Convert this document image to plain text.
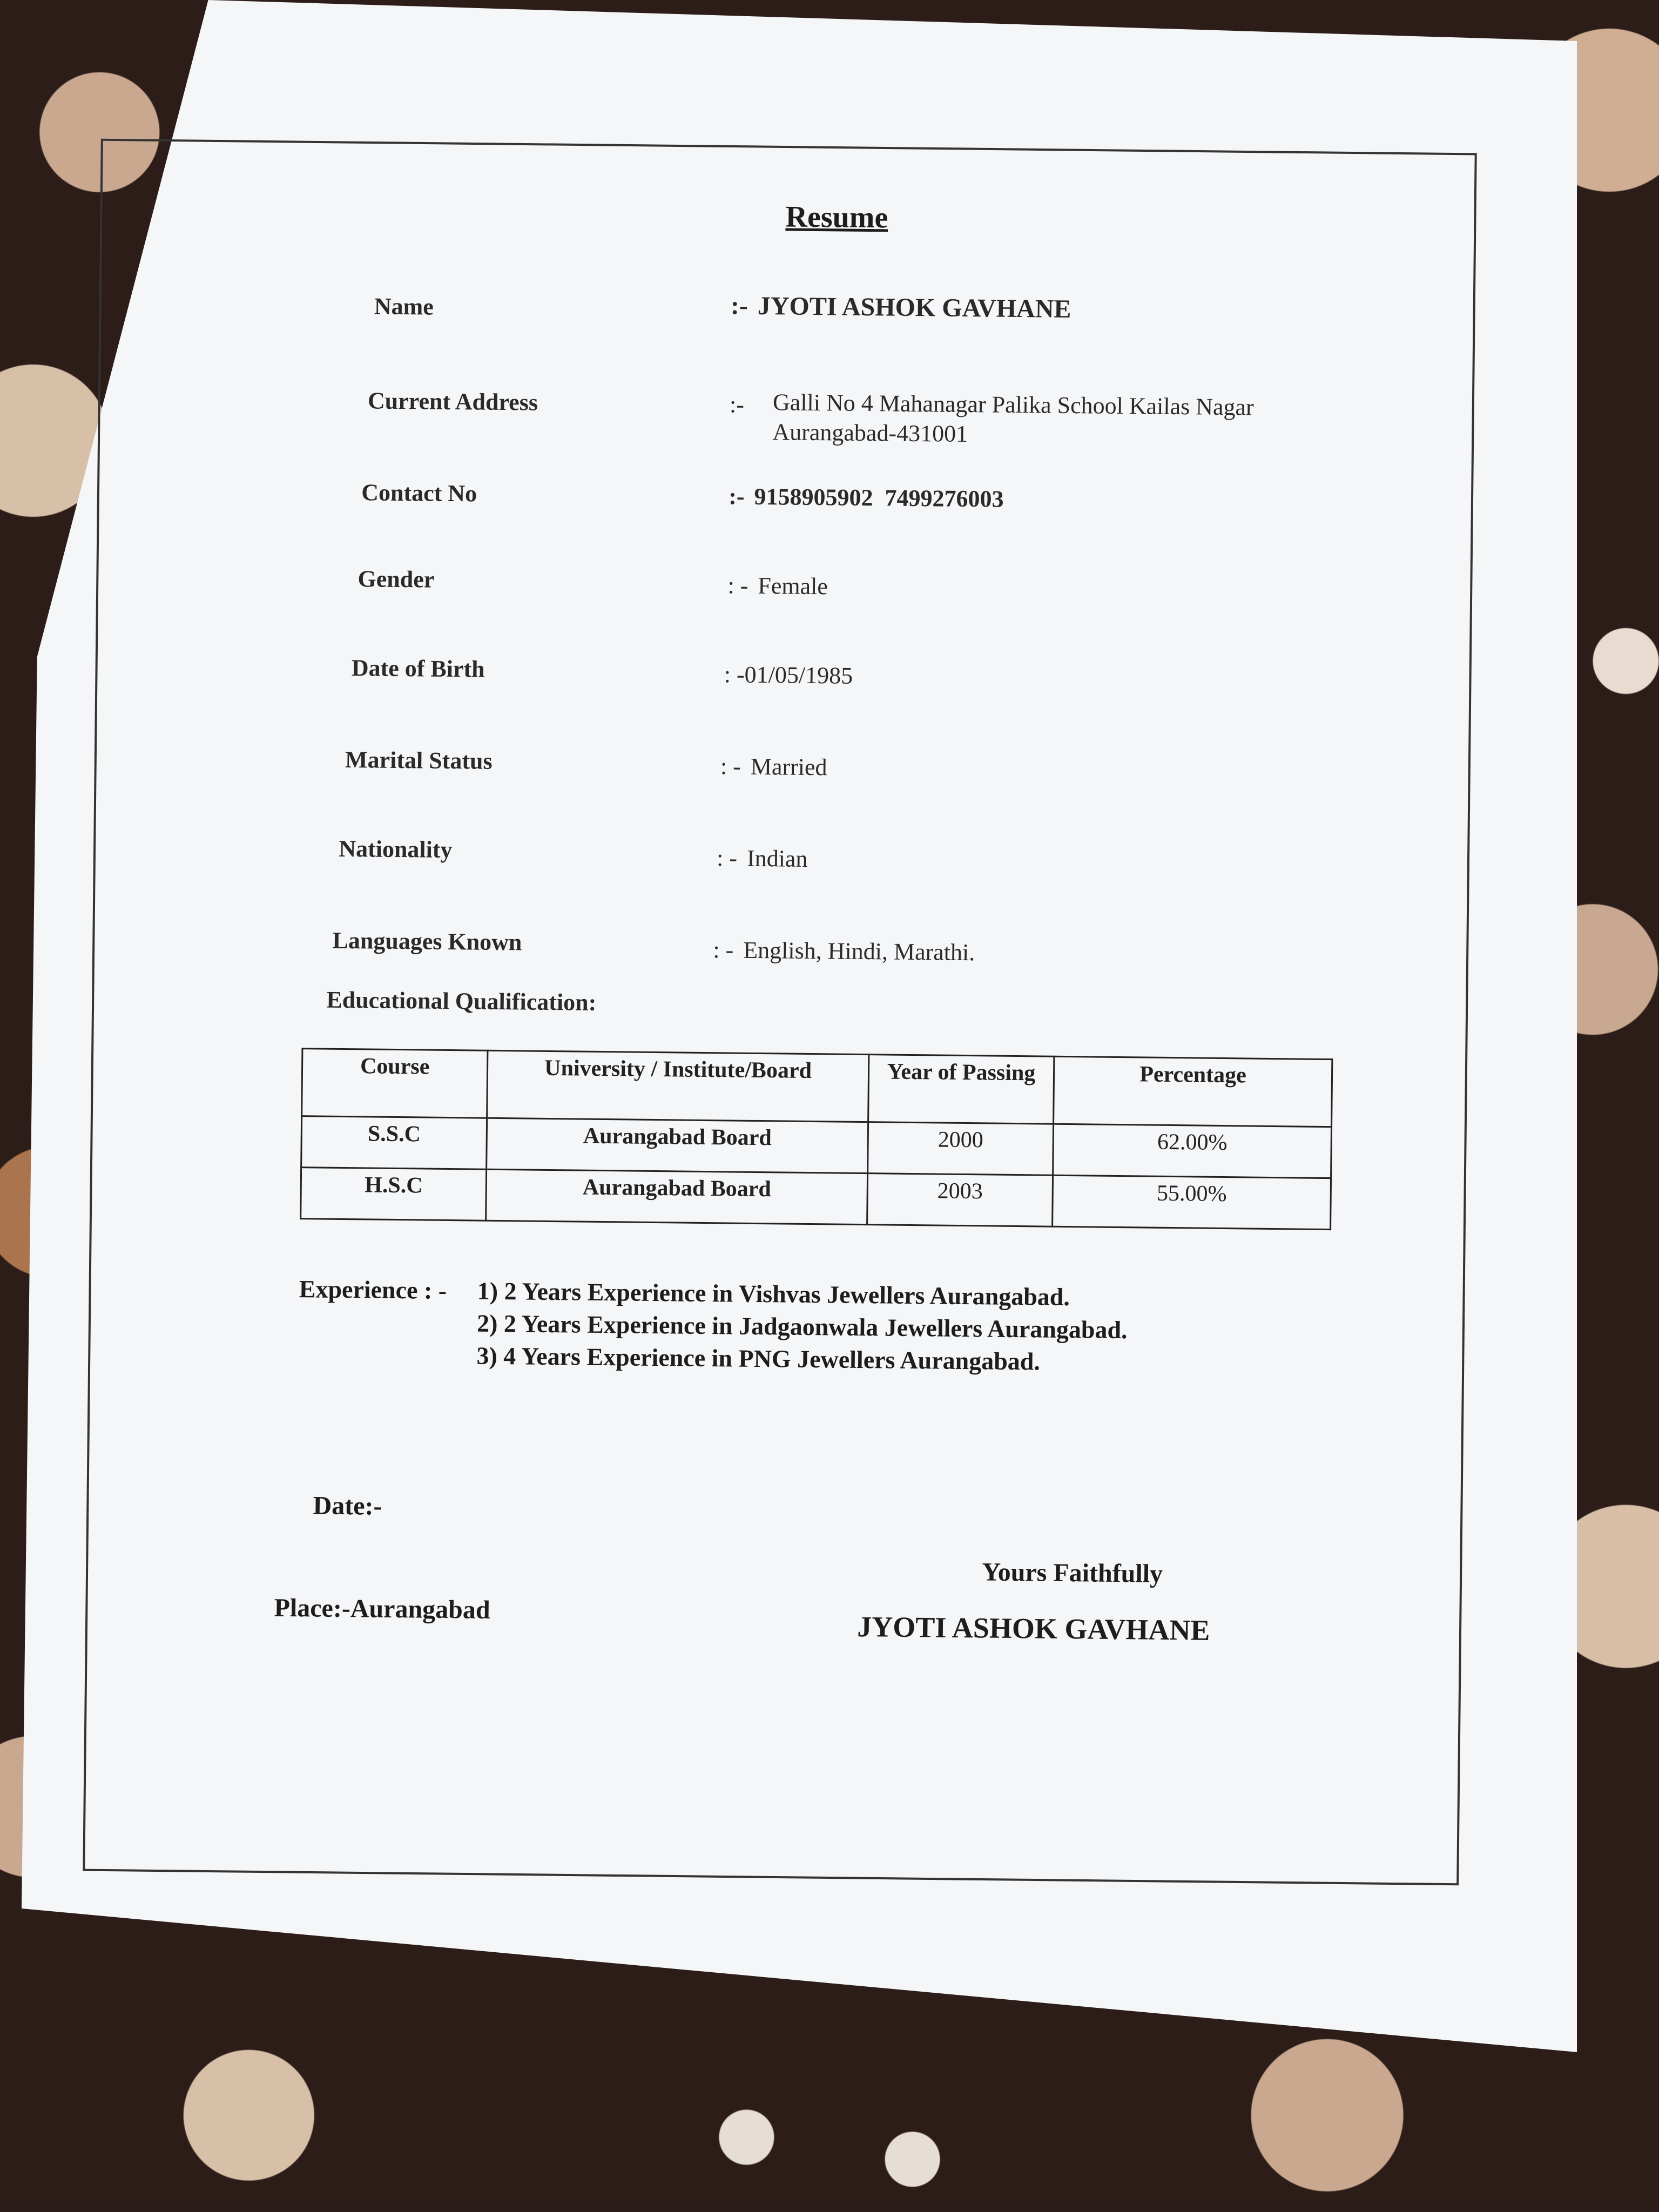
Resume
Name	:- JYOTI ASHOK GAVHANE
Current Address	:- Galli No 4 Mahanagar Palika School Kailas Nagar
Aurangabad-431001
Contact No	:- 9158905902  7499276003
Gender	: - Female
Date of Birth	: -01/05/1985
Marital Status	: - Married
Nationality	: - Indian
Languages Known	: - English, Hindi, Marathi.
Educational Qualification:
Course	University / Institute/Board	Year of Passing	Percentage
S.S.C	Aurangabad Board	2000	62.00%
H.S.C	Aurangabad Board	2003	55.00%
Experience : - 1) 2 Years Experience in Vishvas Jewellers Aurangabad.
2) 2 Years Experience in Jadgaonwala Jewellers Aurangabad.
3) 4 Years Experience in PNG Jewellers Aurangabad.
Date:-
Yours Faithfully
Place:-Aurangabad
JYOTI ASHOK GAVHANE
